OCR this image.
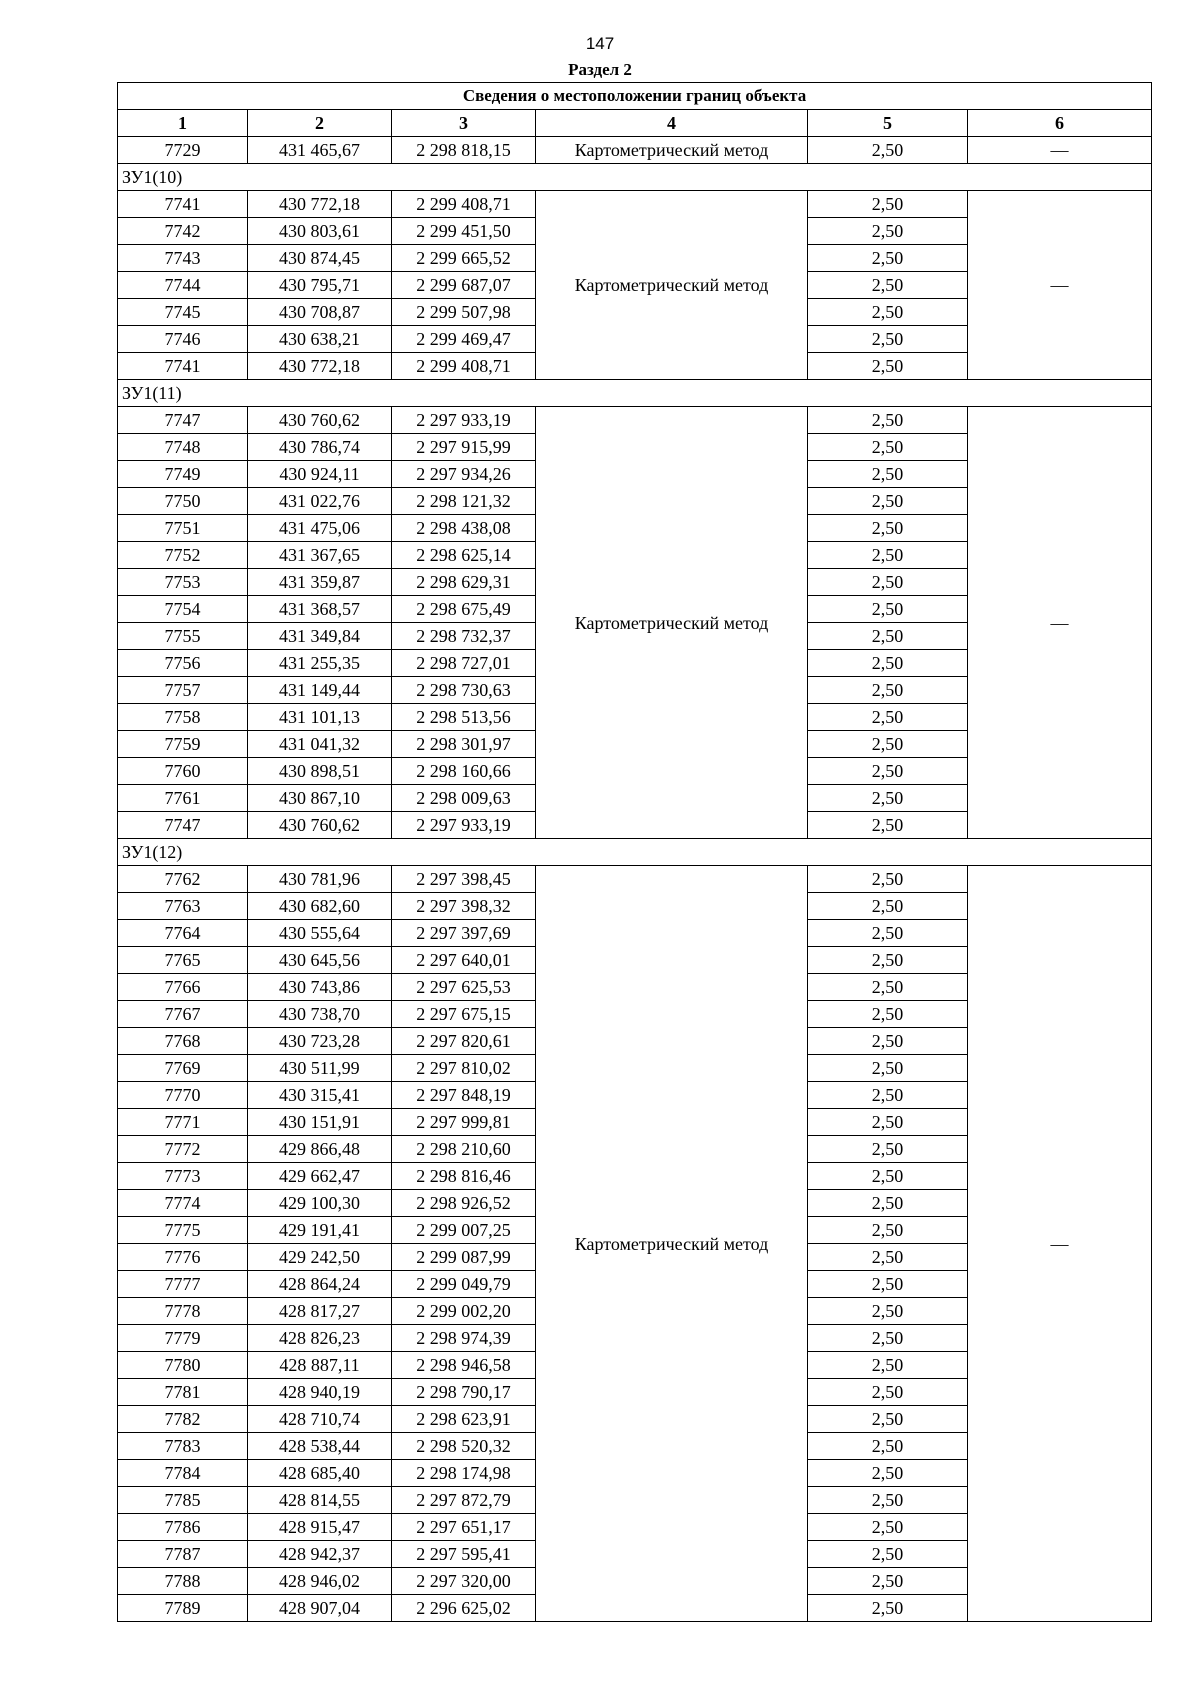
147
Раздел 2
Сведения о местоположении границ объекта					
1	2	3	4	5	6
7729	431 465,67	2 298 818,15	Картометрический метод	2,50	—
ЗУ1(10)					
7741	430 772,18	2 299 408,71	Картометрический метод	2,50	—
7742	430 803,61	2 299 451,50		2,50	
7743	430 874,45	2 299 665,52		2,50	
7744	430 795,71	2 299 687,07		2,50	
7745	430 708,87	2 299 507,98		2,50	
7746	430 638,21	2 299 469,47		2,50	
7741	430 772,18	2 299 408,71		2,50	
ЗУ1(11)					
7747	430 760,62	2 297 933,19	Картометрический метод	2,50	—
7748	430 786,74	2 297 915,99		2,50	
7749	430 924,11	2 297 934,26		2,50	
7750	431 022,76	2 298 121,32		2,50	
7751	431 475,06	2 298 438,08		2,50	
7752	431 367,65	2 298 625,14		2,50	
7753	431 359,87	2 298 629,31		2,50	
7754	431 368,57	2 298 675,49		2,50	
7755	431 349,84	2 298 732,37		2,50	
7756	431 255,35	2 298 727,01		2,50	
7757	431 149,44	2 298 730,63		2,50	
7758	431 101,13	2 298 513,56		2,50	
7759	431 041,32	2 298 301,97		2,50	
7760	430 898,51	2 298 160,66		2,50	
7761	430 867,10	2 298 009,63		2,50	
7747	430 760,62	2 297 933,19		2,50	
ЗУ1(12)					
7762	430 781,96	2 297 398,45	Картометрический метод	2,50	—
7763	430 682,60	2 297 398,32		2,50	
7764	430 555,64	2 297 397,69		2,50	
7765	430 645,56	2 297 640,01		2,50	
7766	430 743,86	2 297 625,53		2,50	
7767	430 738,70	2 297 675,15		2,50	
7768	430 723,28	2 297 820,61		2,50	
7769	430 511,99	2 297 810,02		2,50	
7770	430 315,41	2 297 848,19		2,50	
7771	430 151,91	2 297 999,81		2,50	
7772	429 866,48	2 298 210,60		2,50	
7773	429 662,47	2 298 816,46		2,50	
7774	429 100,30	2 298 926,52		2,50	
7775	429 191,41	2 299 007,25		2,50	
7776	429 242,50	2 299 087,99		2,50	
7777	428 864,24	2 299 049,79		2,50	
7778	428 817,27	2 299 002,20		2,50	
7779	428 826,23	2 298 974,39		2,50	
7780	428 887,11	2 298 946,58		2,50	
7781	428 940,19	2 298 790,17		2,50	
7782	428 710,74	2 298 623,91		2,50	
7783	428 538,44	2 298 520,32		2,50	
7784	428 685,40	2 298 174,98		2,50	
7785	428 814,55	2 297 872,79		2,50	
7786	428 915,47	2 297 651,17		2,50	
7787	428 942,37	2 297 595,41		2,50	
7788	428 946,02	2 297 320,00		2,50	
7789	428 907,04	2 296 625,02		2,50	
